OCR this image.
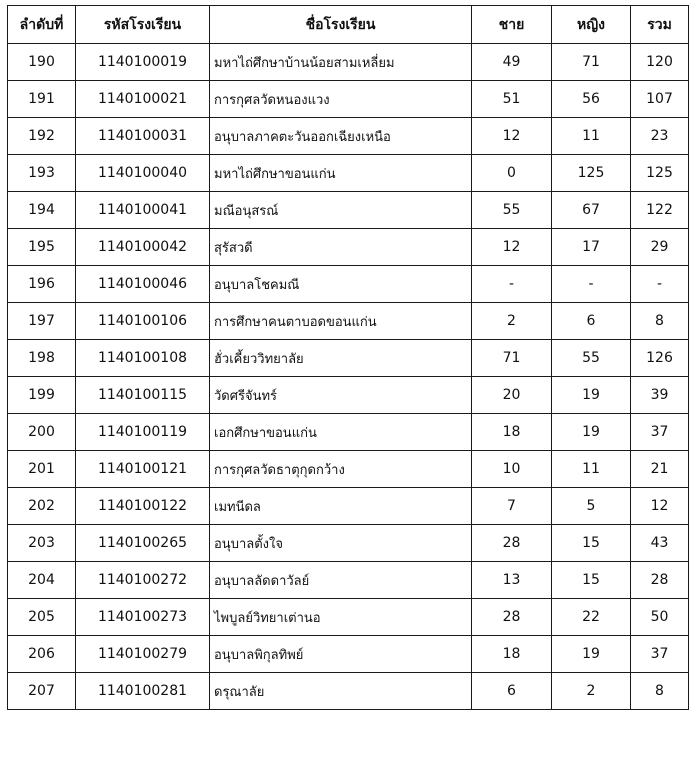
ลำดับที่	รหัสโรงเรียน	ชื่อโรงเรียน	ชาย	หญิง	รวม
190	1140100019	มหาไถ่ศึกษาบ้านน้อยสามเหลี่ยม	49	71	120
191	1140100021	การกุศลวัดหนองแวง	51	56	107
192	1140100031	อนุบาลภาคตะวันออกเฉียงเหนือ	12	11	23
193	1140100040	มหาไถ่ศึกษาขอนแก่น	0	125	125
194	1140100041	มณีอนุสรณ์	55	67	122
195	1140100042	สุรัสวดี	12	17	29
196	1140100046	อนุบาลโชคมณี	-	-	-
197	1140100106	การศึกษาคนตาบอดขอนแก่น	2	6	8
198	1140100108	ฮั่วเคี้ยววิทยาลัย	71	55	126
199	1140100115	วัดศรีจันทร์	20	19	39
200	1140100119	เอกศึกษาขอนแก่น	18	19	37
201	1140100121	การกุศลวัดธาตุกุดกว้าง	10	11	21
202	1140100122	เมทนีดล	7	5	12
203	1140100265	อนุบาลตั้งใจ	28	15	43
204	1140100272	อนุบาลลัดดาวัลย์	13	15	28
205	1140100273	ไพบูลย์วิทยาเต่านอ	28	22	50
206	1140100279	อนุบาลพิกุลทิพย์	18	19	37
207	1140100281	ดรุณาลัย	6	2	8
